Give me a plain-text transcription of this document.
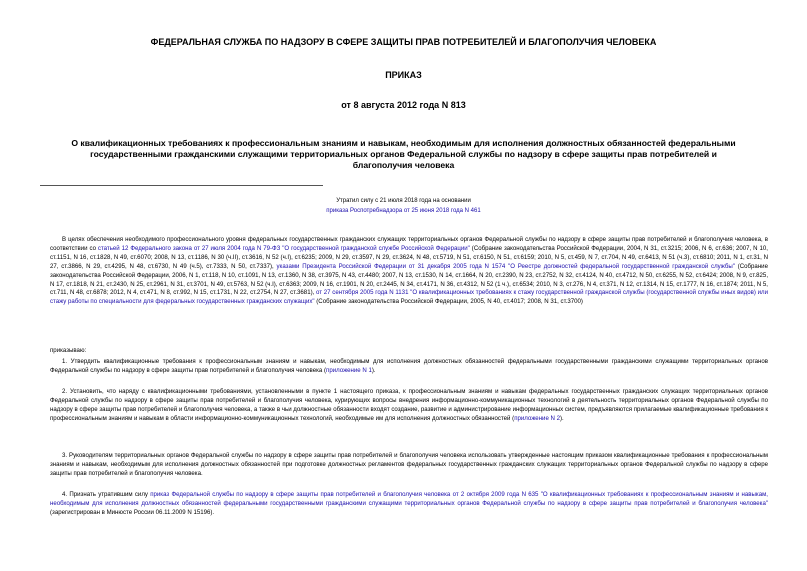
ФЕДЕРАЛЬНАЯ СЛУЖБА ПО НАДЗОРУ В СФЕРЕ ЗАЩИТЫ ПРАВ ПОТРЕБИТЕЛЕЙ И БЛАГОПОЛУЧИЯ ЧЕЛОВЕКА
ПРИКАЗ
от 8 августа 2012 года N 813
О квалификационных требованиях к профессиональным знаниям и навыкам, необходимым для исполнения должностных обязанностей федеральными государственными гражданскими служащими территориальных органов Федеральной службы по надзору в сфере защиты прав потребителей и благополучия человека
Утратил силу с 21 июля 2018 года на основании
приказа Роспотребнадзора от 25 июня 2018 года N 461
В целях обеспечения необходимого профессионального уровня федеральных государственных гражданских служащих территориальных органов Федеральной службы по надзору в сфере защиты прав потребителей и благополучия человека, в соответствии со статьей 12 Федерального закона от 27 июля 2004 года N 79-ФЗ "О государственной гражданской службе Российской Федерации" (Собрание законодательства Российской Федерации, 2004, N 31, ст.3215; 2006, N 6, ст.636; 2007, N 10, ст.1151, N 16, ст.1828, N 49, ст.6070; 2008, N 13, ст.1186, N 30 (ч.II), ст.3616, N 52 (ч.I), ст.6235; 2009, N 29, ст.3597, N 29, ст.3624, N 48, ст.5719, N 51, ст.6150, N 51, ст.6159; 2010, N 5, ст.459, N 7, ст.704, N 49, ст.6413, N 51 (ч.3), ст.6810; 2011, N 1, ст.31, N 27, ст.3866, N 29, ст.4295, N 48, ст.6730, N 49 (ч.5), ст.7333, N 50, ст.7337), указами Президента Российской Федерации от 31 декабря 2005 года N 1574 "О Реестре должностей федеральной государственной гражданской службы" (Собрание законодательства Российской Федерации, 2006, N 1, ст.118, N 10, ст.1091, N 13, ст.1360, N 38, ст.3975, N 43, ст.4480; 2007, N 13, ст.1530, N 14, ст.1664, N 20, ст.2390, N 23, ст.2752, N 32, ст.4124, N 40, ст.4712, N 50, ст.6255, N 52, ст.6424; 2008, N 9, ст.825, N 17, ст.1818, N 21, ст.2430, N 25, ст.2961, N 31, ст.3701, N 49, ст.5763, N 52 (ч.I), ст.6363; 2009, N 16, ст.1901, N 20, ст.2445, N 34, ст.4171, N 36, ст.4312, N 52 (1 ч.), ст.6534; 2010, N 3, ст.276, N 4, ст.371, N 12, ст.1314, N 15, ст.1777, N 16, ст.1874; 2011, N 5, ст.711, N 48, ст.6878; 2012, N 4, ст.471, N 8, ст.992, N 15, ст.1731, N 22, ст.2754, N 27, ст.3681), от 27 сентября 2005 года N 1131 "О квалификационных требованиях к стажу государственной гражданской службы (государственной службы иных видов) или стажу работы по специальности для федеральных государственных гражданских служащих" (Собрание законодательства Российской Федерации, 2005, N 40, ст.4017; 2008, N 31, ст.3700)
приказываю:
1. Утвердить квалификационные требования к профессиональным знаниям и навыкам, необходимым для исполнения должностных обязанностей федеральными государственными гражданскими служащими территориальных органов Федеральной службы по надзору в сфере защиты прав потребителей и благополучия человека (приложение N 1).
2. Установить, что наряду с квалификационными требованиями, установленными в пункте 1 настоящего приказа, к профессиональным знаниям и навыкам федеральных государственных гражданских служащих территориальных органов Федеральной службы по надзору в сфере защиты прав потребителей и благополучия человека, курирующих вопросы внедрения информационно-коммуникационных технологий в деятельность территориальных органов Федеральной службы по надзору в сфере защиты прав потребителей и благополучия человека, а также в чьи должностные обязанности входят создание, развитие и администрирование информационных систем, предъявляются прилагаемые квалификационные требования к профессиональным знаниям и навыкам в области информационно-коммуникационных технологий, необходимые им для исполнения должностных обязанностей (приложение N 2).
3. Руководителям территориальных органов Федеральной службы по надзору в сфере защиты прав потребителей и благополучия человека использовать утвержденные настоящим приказом квалификационные требования к профессиональным знаниям и навыкам, необходимым для исполнения должностных обязанностей при подготовке должностных регламентов федеральных государственных гражданских служащих территориальных органов Федеральной службы по надзору в сфере защиты прав потребителей и благополучия человека.
4. Признать утратившим силу приказ Федеральной службы по надзору в сфере защиты прав потребителей и благополучия человека от 2 октября 2009 года N 635 "О квалификационных требованиях к профессиональным знаниям и навыкам, необходимым для исполнения должностных обязанностей федеральными государственными гражданскими служащими территориальных органов Федеральной службы по надзору в сфере защиты прав потребителей и благополучия человека" (зарегистрирован в Минюсте России 06.11.2009 N 15196).
